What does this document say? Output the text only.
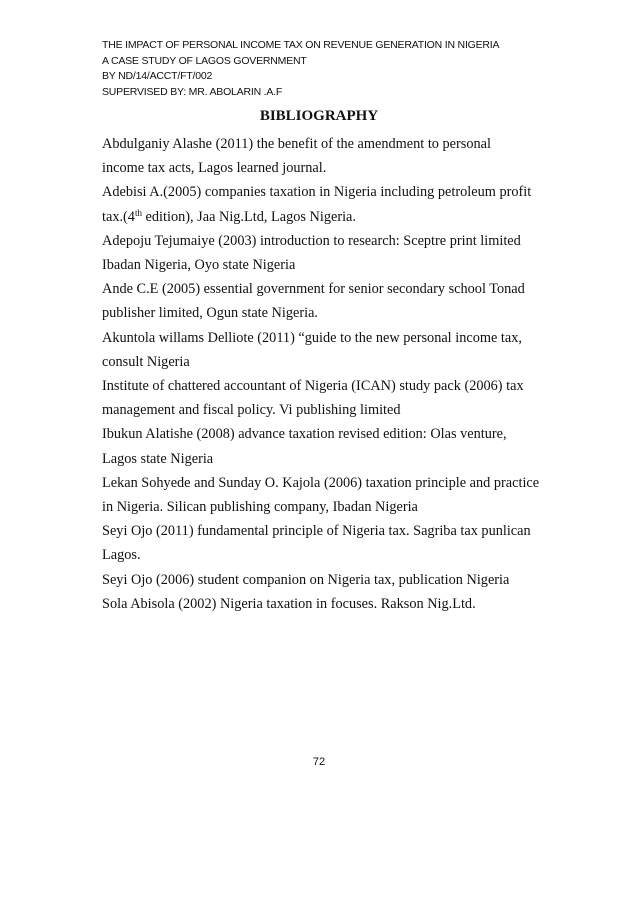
THE IMPACT OF PERSONAL INCOME TAX ON REVENUE GENERATION IN NIGERIA
A CASE STUDY OF LAGOS GOVERNMENT
BY ND/14/ACCT/FT/002
SUPERVISED BY: MR. ABOLARIN .A.F
BIBLIOGRAPHY
Abdulganiy Alashe (2011) the benefit of the amendment to personal
income tax acts, Lagos learned journal.
Adebisi A.(2005) companies taxation in Nigeria including petroleum profit
tax.(4th edition), Jaa Nig.Ltd, Lagos Nigeria.
Adepoju Tejumaiye (2003) introduction to research: Sceptre print limited
Ibadan Nigeria, Oyo state Nigeria
Ande C.E (2005) essential government for senior secondary school Tonad
publisher limited, Ogun state Nigeria.
Akuntola willams Delliote (2011) “guide to the new personal income tax,
consult Nigeria
Institute of chattered accountant of Nigeria (ICAN) study pack (2006) tax
management and fiscal policy. Vi publishing limited
Ibukun Alatishe (2008) advance taxation revised edition: Olas venture,
Lagos state Nigeria
Lekan Sohyede and Sunday O. Kajola (2006) taxation principle and practice
in Nigeria. Silican publishing company, Ibadan Nigeria
Seyi Ojo (2011) fundamental principle of Nigeria tax. Sagriba tax punlican
Lagos.
Seyi Ojo (2006) student companion on Nigeria tax, publication Nigeria
Sola Abisola (2002) Nigeria taxation in focuses. Rakson Nig.Ltd.
72
